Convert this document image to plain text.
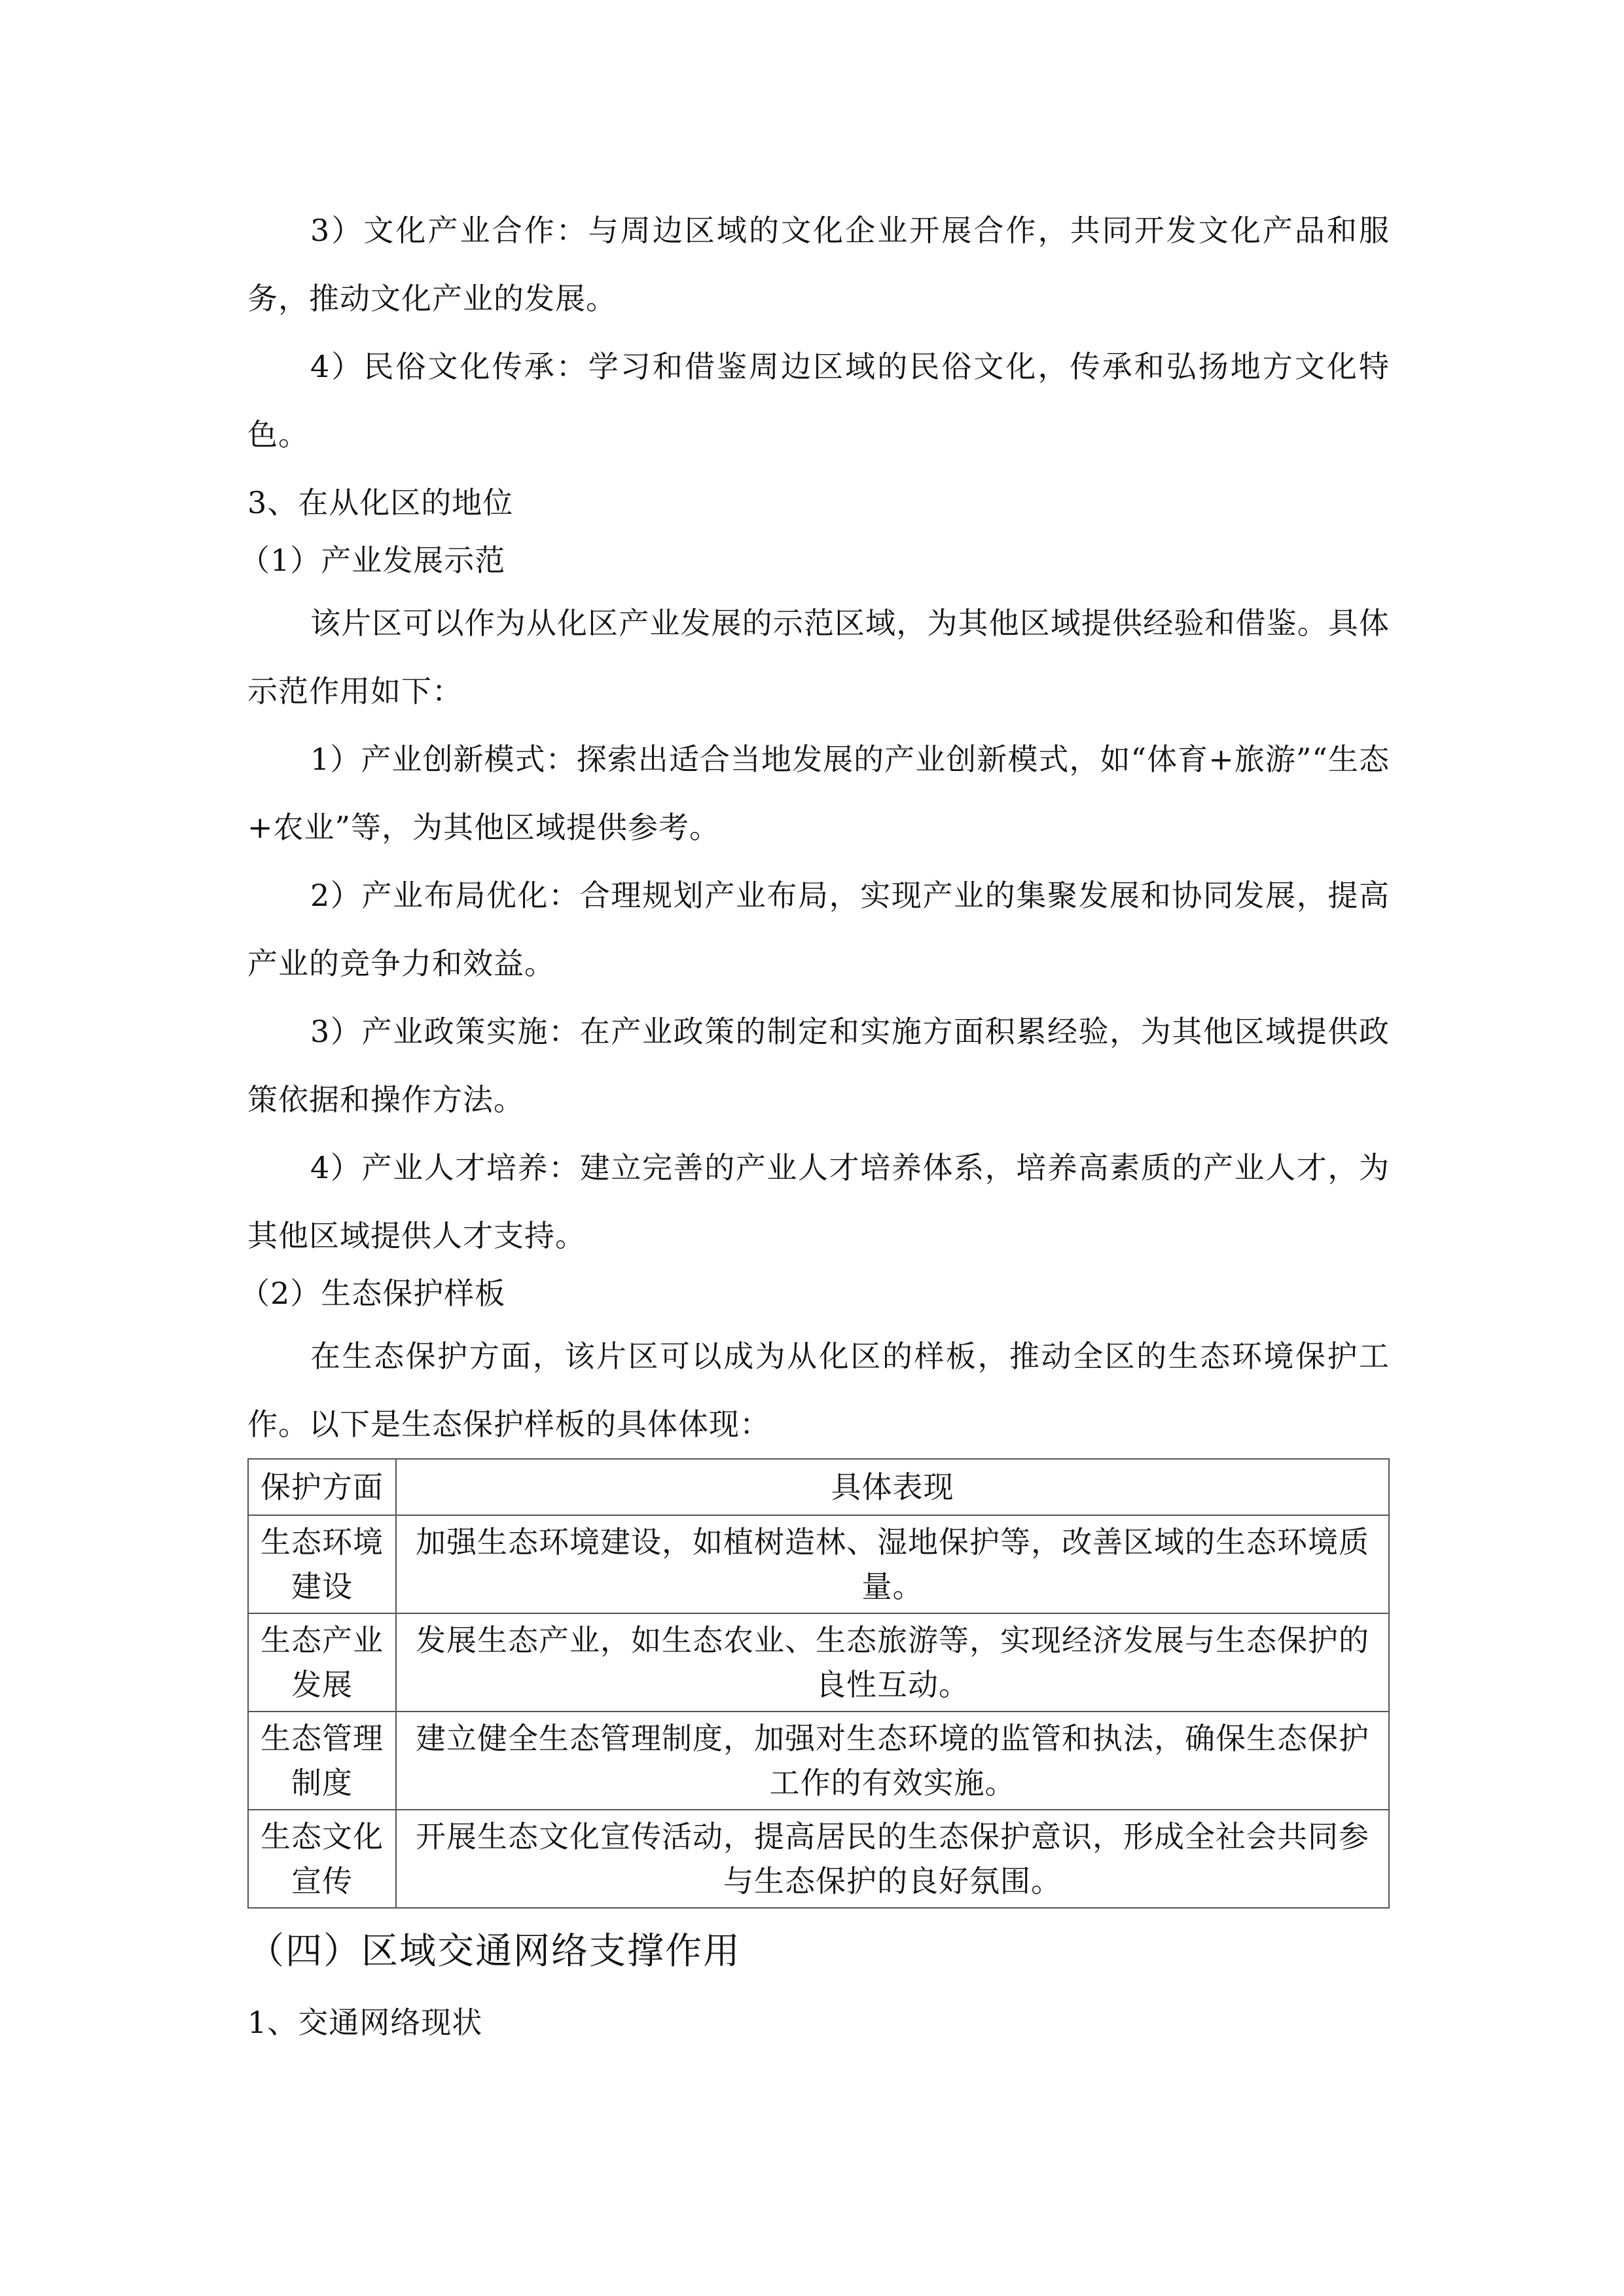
3）文化产业合作：与周边区域的文化企业开展合作，共同开发文化产品和服务，推动文化产业的发展。

4）民俗文化传承：学习和借鉴周边区域的民俗文化，传承和弘扬地方文化特色。

3、在从化区的地位

（1）产业发展示范

该片区可以作为从化区产业发展的示范区域，为其他区域提供经验和借鉴。具体示范作用如下：

1）产业创新模式：探索出适合当地发展的产业创新模式，如“体育+旅游”“生态+农业”等，为其他区域提供参考。

2）产业布局优化：合理规划产业布局，实现产业的集聚发展和协同发展，提高产业的竞争力和效益。

3）产业政策实施：在产业政策的制定和实施方面积累经验，为其他区域提供政策依据和操作方法。

4）产业人才培养：建立完善的产业人才培养体系，培养高素质的产业人才，为其他区域提供人才支持。

（2）生态保护样板

在生态保护方面，该片区可以成为从化区的样板，推动全区的生态环境保护工作。以下是生态保护样板的具体体现：

保护方面	具体表现
生态环境建设	加强生态环境建设，如植树造林、湿地保护等，改善区域的生态环境质量。
生态产业发展	发展生态产业，如生态农业、生态旅游等，实现经济发展与生态保护的良性互动。
生态管理制度	建立健全生态管理制度，加强对生态环境的监管和执法，确保生态保护工作的有效实施。
生态文化宣传	开展生态文化宣传活动，提高居民的生态保护意识，形成全社会共同参与生态保护的良好氛围。

（四）区域交通网络支撑作用

1、交通网络现状
